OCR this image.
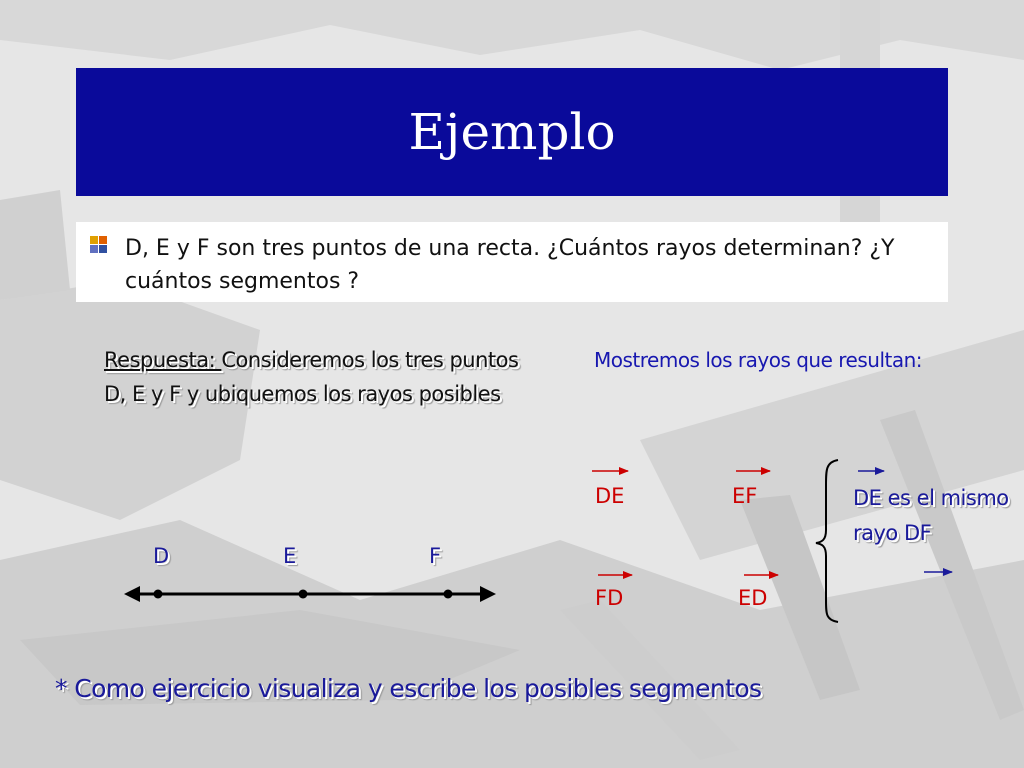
Ejemplo
D, E y F son tres puntos de una recta. ¿Cuántos rayos determinan? ¿Y cuántos segmentos ?
Respuesta: Consideremos los tres puntos D, E y F y ubiquemos los rayos posibles
Mostremos los rayos que resultan:
D	E	F
DE	EF
FD	ED
DE es el mismo rayo DF
* Como ejercicio visualiza y escribe los posibles segmentos
